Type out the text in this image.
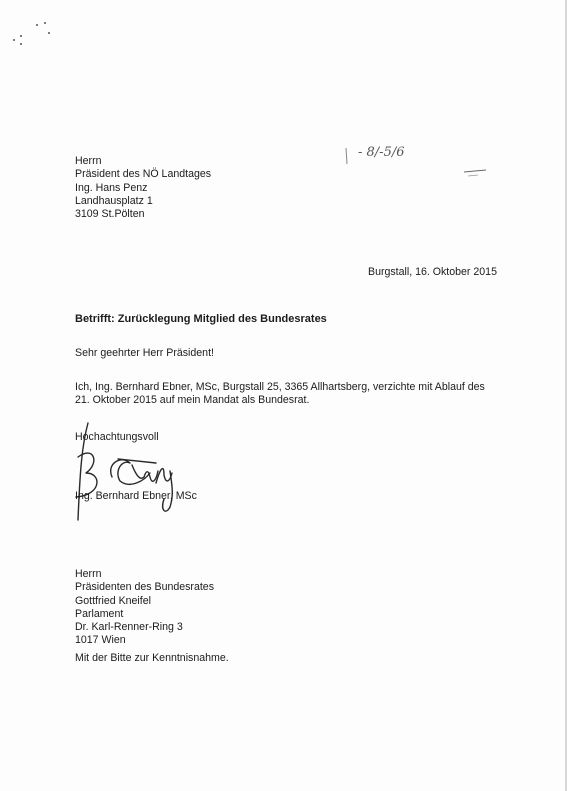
Herrn
Präsident des NÖ Landtages
Ing. Hans Penz
Landhausplatz 1
3109 St.Pölten
- 8/-5/6
Burgstall, 16. Oktober 2015
Betrifft: Zurücklegung Mitglied des Bundesrates
Sehr geehrter Herr Präsident!
Ich, Ing. Bernhard Ebner, MSc, Burgstall 25, 3365 Allhartsberg, verzichte mit Ablauf des
21. Oktober 2015 auf mein Mandat als Bundesrat.
Hochachtungsvoll
Ing. Bernhard Ebner, MSc
Herrn
Präsidenten des Bundesrates
Gottfried Kneifel
Parlament
Dr. Karl-Renner-Ring 3
1017 Wien
Mit der Bitte zur Kenntnisnahme.
